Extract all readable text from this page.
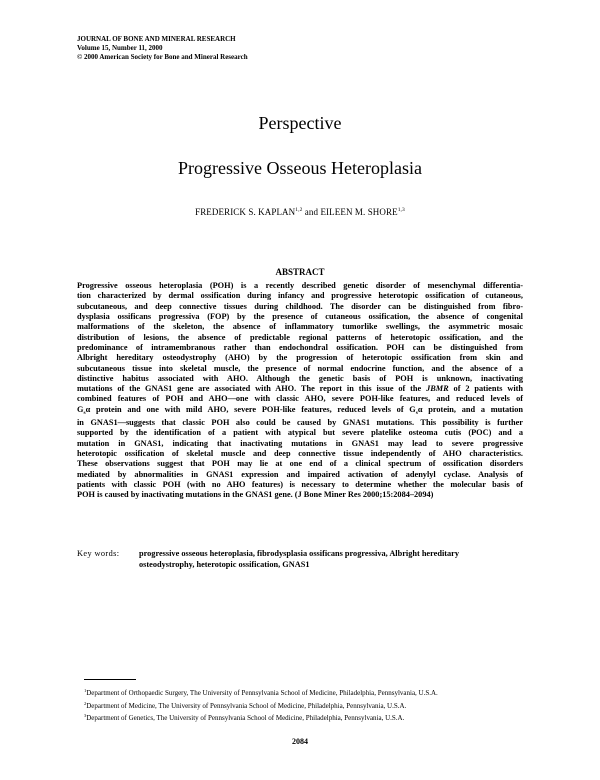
JOURNAL OF BONE AND MINERAL RESEARCH
Volume 15, Number 11, 2000
© 2000 American Society for Bone and Mineral Research
Perspective
Progressive Osseous Heteroplasia
FREDERICK S. KAPLAN$^{1,2}$ and EILEEN M. SHORE$^{1,3}$
ABSTRACT
Progressive osseous heteroplasia (POH) is a recently described genetic disorder of mesenchymal differentia-
tion characterized by dermal ossification during infancy and progressive heterotopic ossification of cutaneous,
subcutaneous, and deep connective tissues during childhood. The disorder can be distinguished from fibro-
dysplasia ossificans progressiva (FOP) by the presence of cutaneous ossification, the absence of congenital
malformations of the skeleton, the absence of inflammatory tumorlike swellings, the asymmetric mosaic
distribution of lesions, the absence of predictable regional patterns of heterotopic ossification, and the
predominance of intramembranous rather than endochondral ossification. POH can be distinguished from
Albright hereditary osteodystrophy (AHO) by the progression of heterotopic ossification from skin and
subcutaneous tissue into skeletal muscle, the presence of normal endocrine function, and the absence of a
distinctive habitus associated with AHO. Although the genetic basis of POH is unknown, inactivating
mutations of the GNAS1 gene are associated with AHO. The report in this issue of the JBMR of 2 patients with
combined features of POH and AHO—one with classic AHO, severe POH-like features, and reduced levels of
$G_s\alpha$ protein and one with mild AHO, severe POH-like features, reduced levels of $G_s\alpha$ protein, and a mutation
in GNAS1—suggests that classic POH also could be caused by GNAS1 mutations. This possibility is further
supported by the identification of a patient with atypical but severe platelike osteoma cutis (POC) and a
mutation in GNAS1, indicating that inactivating mutations in GNAS1 may lead to severe progressive
heterotopic ossification of skeletal muscle and deep connective tissue independently of AHO characteristics.
These observations suggest that POH may lie at one end of a clinical spectrum of ossification disorders
mediated by abnormalities in GNAS1 expression and impaired activation of adenylyl cyclase. Analysis of
patients with classic POH (with no AHO features) is necessary to determine whether the molecular basis of
POH is caused by inactivating mutations in the GNAS1 gene. (J Bone Miner Res 2000;15:2084–2094)
Key words: progressive osseous heteroplasia, fibrodysplasia ossificans progressiva, Albright hereditary
osteodystrophy, heterotopic ossification, GNAS1
$^1$Department of Orthopaedic Surgery, The University of Pennsylvania School of Medicine, Philadelphia, Pennsylvania, U.S.A.
$^2$Department of Medicine, The University of Pennsylvania School of Medicine, Philadelphia, Pennsylvania, U.S.A.
$^3$Department of Genetics, The University of Pennsylvania School of Medicine, Philadelphia, Pennsylvania, U.S.A.
2084
